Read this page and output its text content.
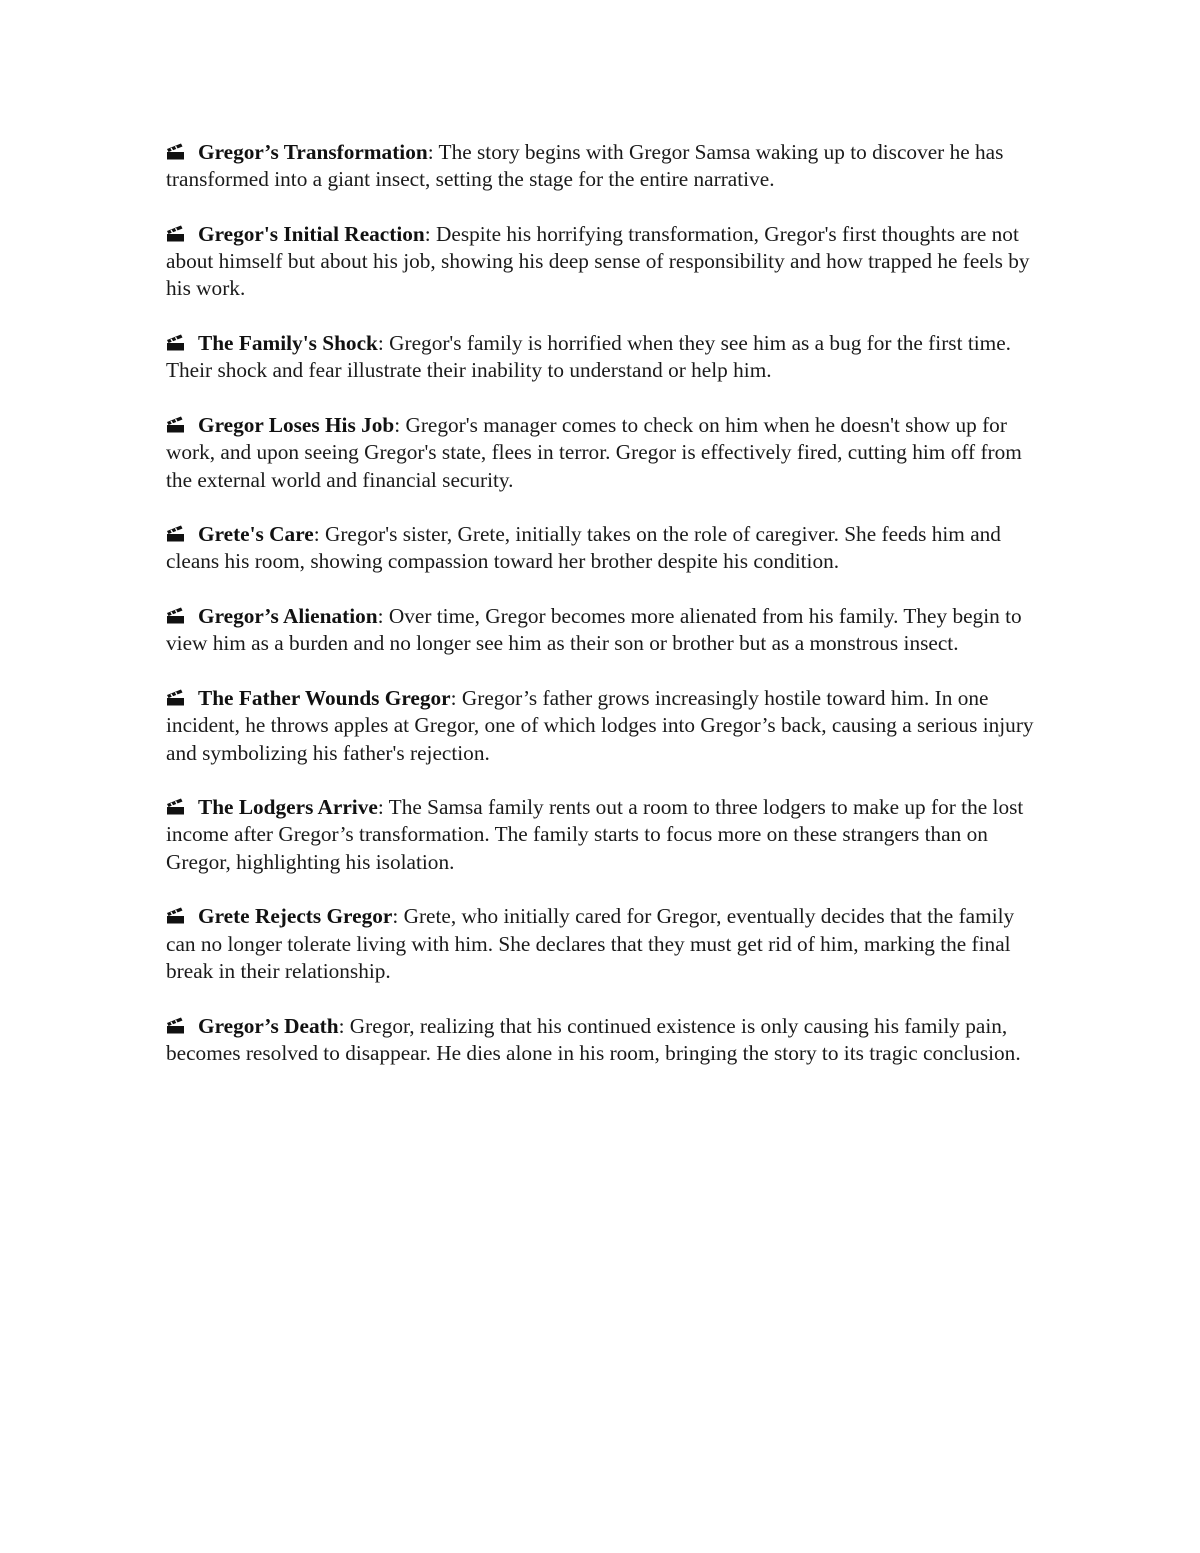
Gregor’s Transformation: The story begins with Gregor Samsa waking up to discover he has transformed into a giant insect, setting the stage for the entire narrative.

Gregor's Initial Reaction: Despite his horrifying transformation, Gregor's first thoughts are not about himself but about his job, showing his deep sense of responsibility and how trapped he feels by his work.

The Family's Shock: Gregor's family is horrified when they see him as a bug for the first time. Their shock and fear illustrate their inability to understand or help him.

Gregor Loses His Job: Gregor's manager comes to check on him when he doesn't show up for work, and upon seeing Gregor's state, flees in terror. Gregor is effectively fired, cutting him off from the external world and financial security.

Grete's Care: Gregor's sister, Grete, initially takes on the role of caregiver. She feeds him and cleans his room, showing compassion toward her brother despite his condition.

Gregor’s Alienation: Over time, Gregor becomes more alienated from his family. They begin to view him as a burden and no longer see him as their son or brother but as a monstrous insect.

The Father Wounds Gregor: Gregor’s father grows increasingly hostile toward him. In one incident, he throws apples at Gregor, one of which lodges into Gregor’s back, causing a serious injury and symbolizing his father's rejection.

The Lodgers Arrive: The Samsa family rents out a room to three lodgers to make up for the lost income after Gregor’s transformation. The family starts to focus more on these strangers than on Gregor, highlighting his isolation.

Grete Rejects Gregor: Grete, who initially cared for Gregor, eventually decides that the family can no longer tolerate living with him. She declares that they must get rid of him, marking the final break in their relationship.

Gregor’s Death: Gregor, realizing that his continued existence is only causing his family pain, becomes resolved to disappear. He dies alone in his room, bringing the story to its tragic conclusion.
